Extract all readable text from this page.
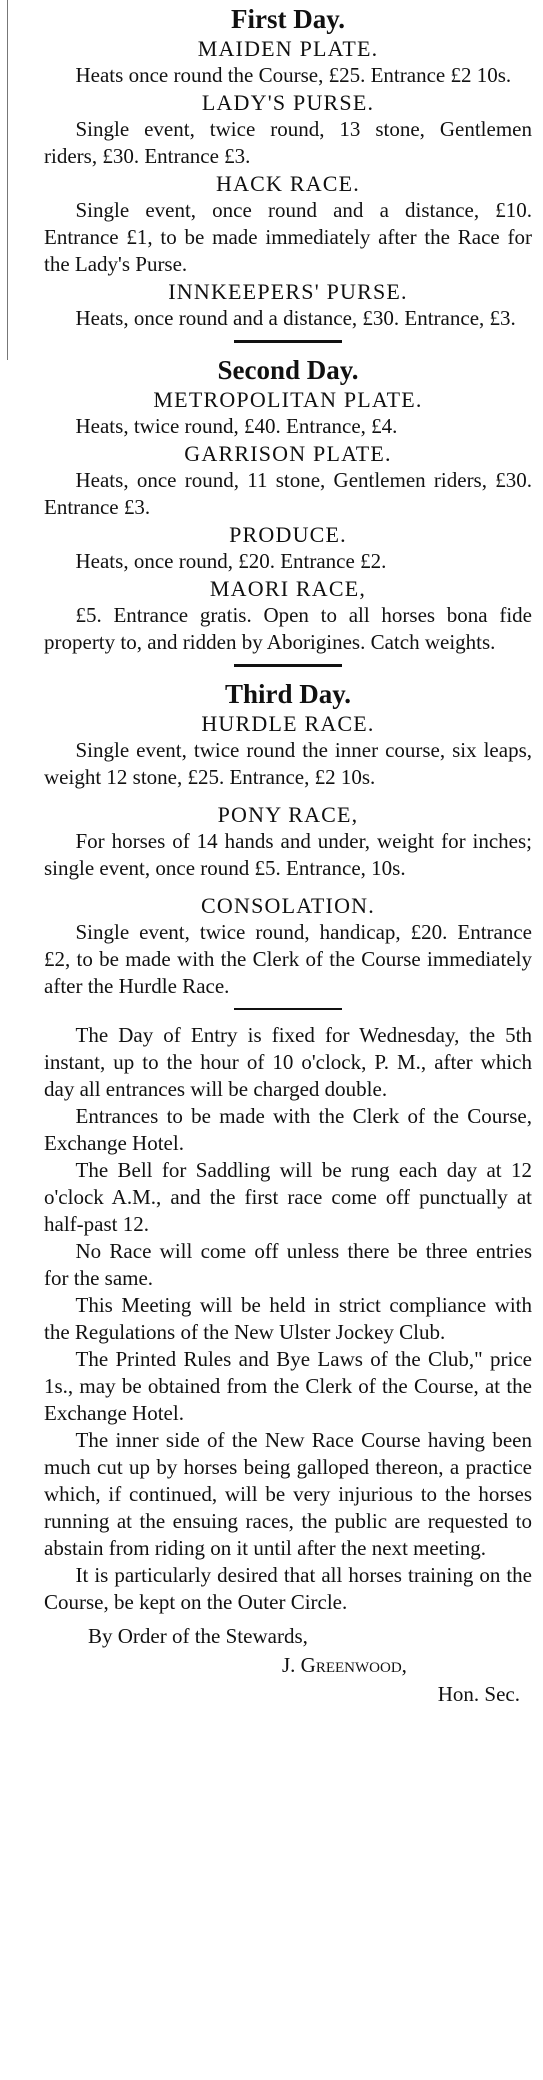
First Day.

MAIDEN PLATE.

Heats once round the Course, £25. Entrance £2 10s.

LADY'S PURSE.

Single event, twice round, 13 stone, Gentlemen riders, £30. Entrance £3.

HACK RACE.

Single event, once round and a distance, £10. Entrance £1, to be made immediately after the Race for the Lady's Purse.

INNKEEPERS' PURSE.

Heats, once round and a distance, £30. Entrance, £3.

Second Day.

METROPOLITAN PLATE.

Heats, twice round, £40. Entrance, £4.

GARRISON PLATE.

Heats, once round, 11 stone, Gentlemen riders, £30. Entrance £3.

PRODUCE.

Heats, once round, £20. Entrance £2.

MAORI RACE,

£5. Entrance gratis. Open to all horses bona fide property to, and ridden by Aborigines. Catch weights.

Third Day.

HURDLE RACE.

Single event, twice round the inner course, six leaps, weight 12 stone, £25. Entrance, £2 10s.

PONY RACE,

For horses of 14 hands and under, weight for inches; single event, once round £5. Entrance, 10s.

CONSOLATION.

Single event, twice round, handicap, £20. Entrance £2, to be made with the Clerk of the Course immediately after the Hurdle Race.

The Day of Entry is fixed for Wednesday, the 5th instant, up to the hour of 10 o'clock, P. M., after which day all entrances will be charged double.

Entrances to be made with the Clerk of the Course, Exchange Hotel.

The Bell for Saddling will be rung each day at 12 o'clock A.M., and the first race come off punctually at half-past 12.

No Race will come off unless there be three entries for the same.

This Meeting will be held in strict compliance with the Regulations of the New Ulster Jockey Club.

The Printed Rules and Bye Laws of the Club," price 1s., may be obtained from the Clerk of the Course, at the Exchange Hotel.

The inner side of the New Race Course having been much cut up by horses being galloped thereon, a practice which, if continued, will be very injurious to the horses running at the ensuing races, the public are requested to abstain from riding on it until after the next meeting.

It is particularly desired that all horses training on the Course, be kept on the Outer Circle.

By Order of the Stewards,

J. Greenwood,

Hon. Sec.
